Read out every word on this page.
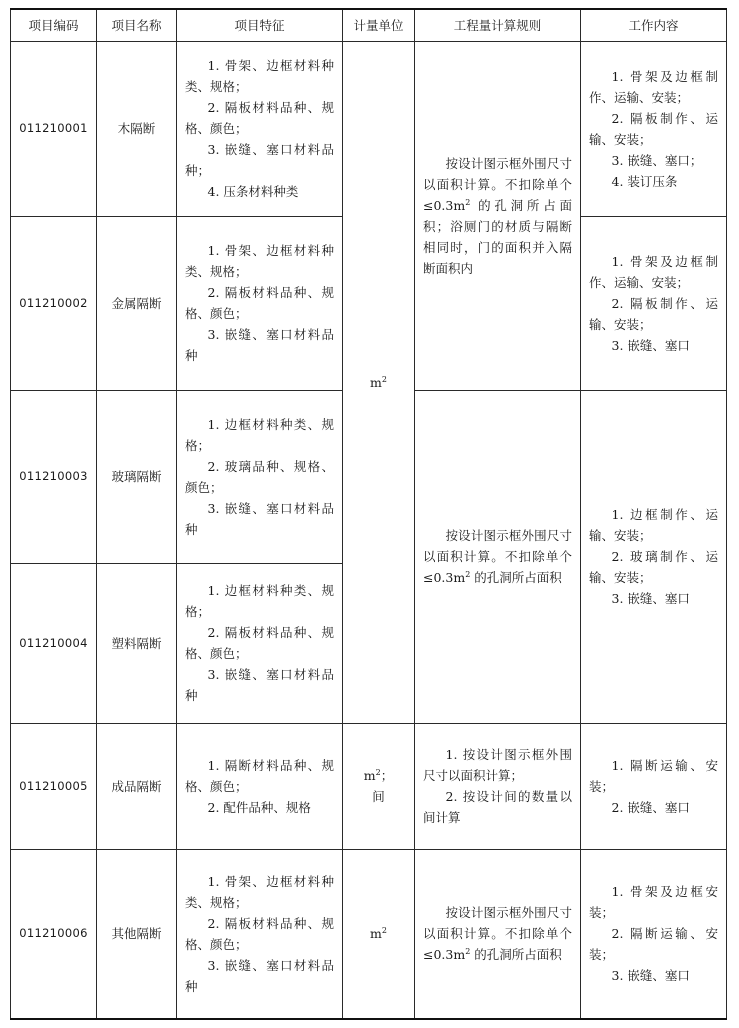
项目编码	项目名称	项目特征	计量单位	工程量计算规则	工作内容
011210001	木隔断	1. 骨架、边框材料种类、规格；
2. 隔板材料品种、规格、颜色；
3. 嵌缝、塞口材料品种；
4. 压条材料种类	$m^2$	按设计图示框外围尺寸以面积计算。不扣除单个$\le 0.3m^2$ 的孔洞所占面积；浴厕门的材质与隔断相同时，门的面积并入隔断面积内	1. 骨架及边框制作、运输、安装；
2. 隔板制作、运输、安装；
3. 嵌缝、塞口；
4. 装订压条

011210002	金属隔断	1. 骨架、边框材料种类、规格；
2. 隔板材料品种、规格、颜色；
3. 嵌缝、塞口材料品种			1. 骨架及边框制作、运输、安装；
2. 隔板制作、运输、安装；
3. 嵌缝、塞口

011210003	玻璃隔断	1. 边框材料种类、规格；
2. 玻璃品种、规格、颜色；
3. 嵌缝、塞口材料品种		按设计图示框外围尺寸以面积计算。不扣除单个$\le 0.3m^2$ 的孔洞所占面积	1. 边框制作、运输、安装；
2. 玻璃制作、运输、安装；
3. 嵌缝、塞口

011210004	塑料隔断	1. 边框材料种类、规格；
2. 隔板材料品种、规格、颜色；
3. 嵌缝、塞口材料品种			

011210005	成品隔断	1. 隔断材料品种、规格、颜色；
2. 配件品种、规格	$m^2$；
间	1. 按设计图示框外围尺寸以面积计算；
2. 按设计间的数量以间计算	1. 隔断运输、安装；
2. 嵌缝、塞口

011210006	其他隔断	1. 骨架、边框材料种类、规格；
2. 隔板材料品种、规格、颜色；
3. 嵌缝、塞口材料品种	$m^2$	按设计图示框外围尺寸以面积计算。不扣除单个$\le 0.3m^2$ 的孔洞所占面积	1. 骨架及边框安装；
2. 隔断运输、安装；
3. 嵌缝、塞口
